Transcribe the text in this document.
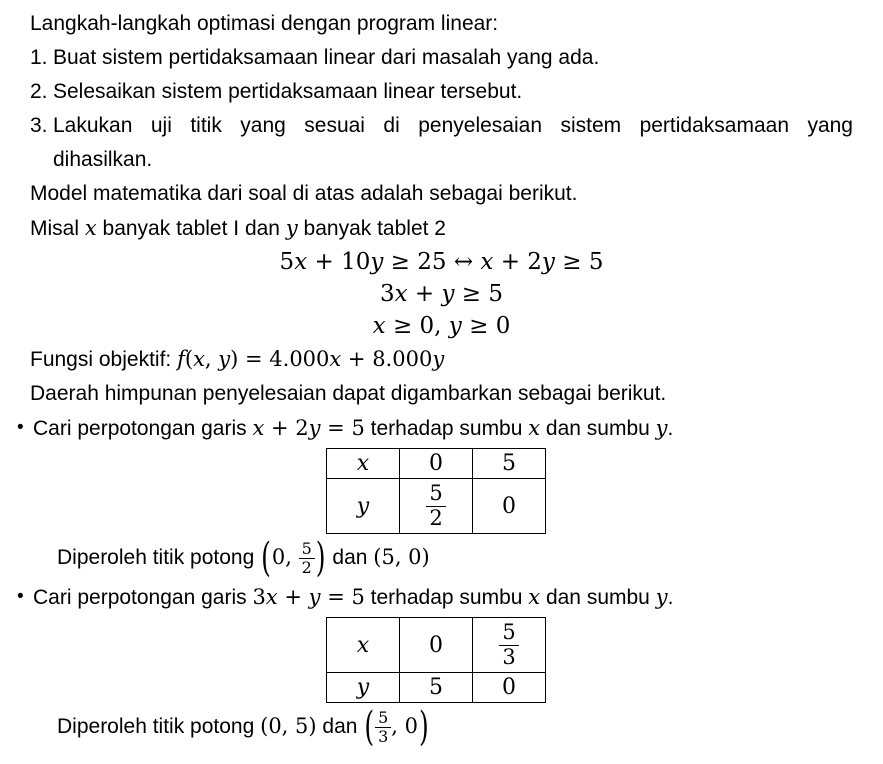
Langkah-langkah optimasi dengan program linear:
1. Buat sistem pertidaksamaan linear dari masalah yang ada.
2. Selesaikan sistem pertidaksamaan linear tersebut.
3. Lakukan uji titik yang sesuai di penyelesaian sistem pertidaksamaan yang
dihasilkan.
Model matematika dari soal di atas adalah sebagai berikut.
Misal x banyak tablet I dan y banyak tablet 2
5x + 10y ≥ 25 ↔ x + 2y ≥ 5
3x + y ≥ 5
x ≥ 0, y ≥ 0
Fungsi objektif: f(x, y) = 4.000x + 8.000y
Daerah himpunan penyelesaian dapat digambarkan sebagai berikut.
• Cari perpotongan garis x + 2y = 5 terhadap sumbu x dan sumbu y.
x	0	5
y	$\frac{5}{2}$	0
Diperoleh titik potong (0, $\frac{5}{2}$ ) dan (5, 0)
• Cari perpotongan garis 3x + y = 5 terhadap sumbu x dan sumbu y.
x	0	$\frac{5}{3}$

y	5	0
Diperoleh titik potong (0, 5) dan ( $\frac{5}{3}$ , 0)
